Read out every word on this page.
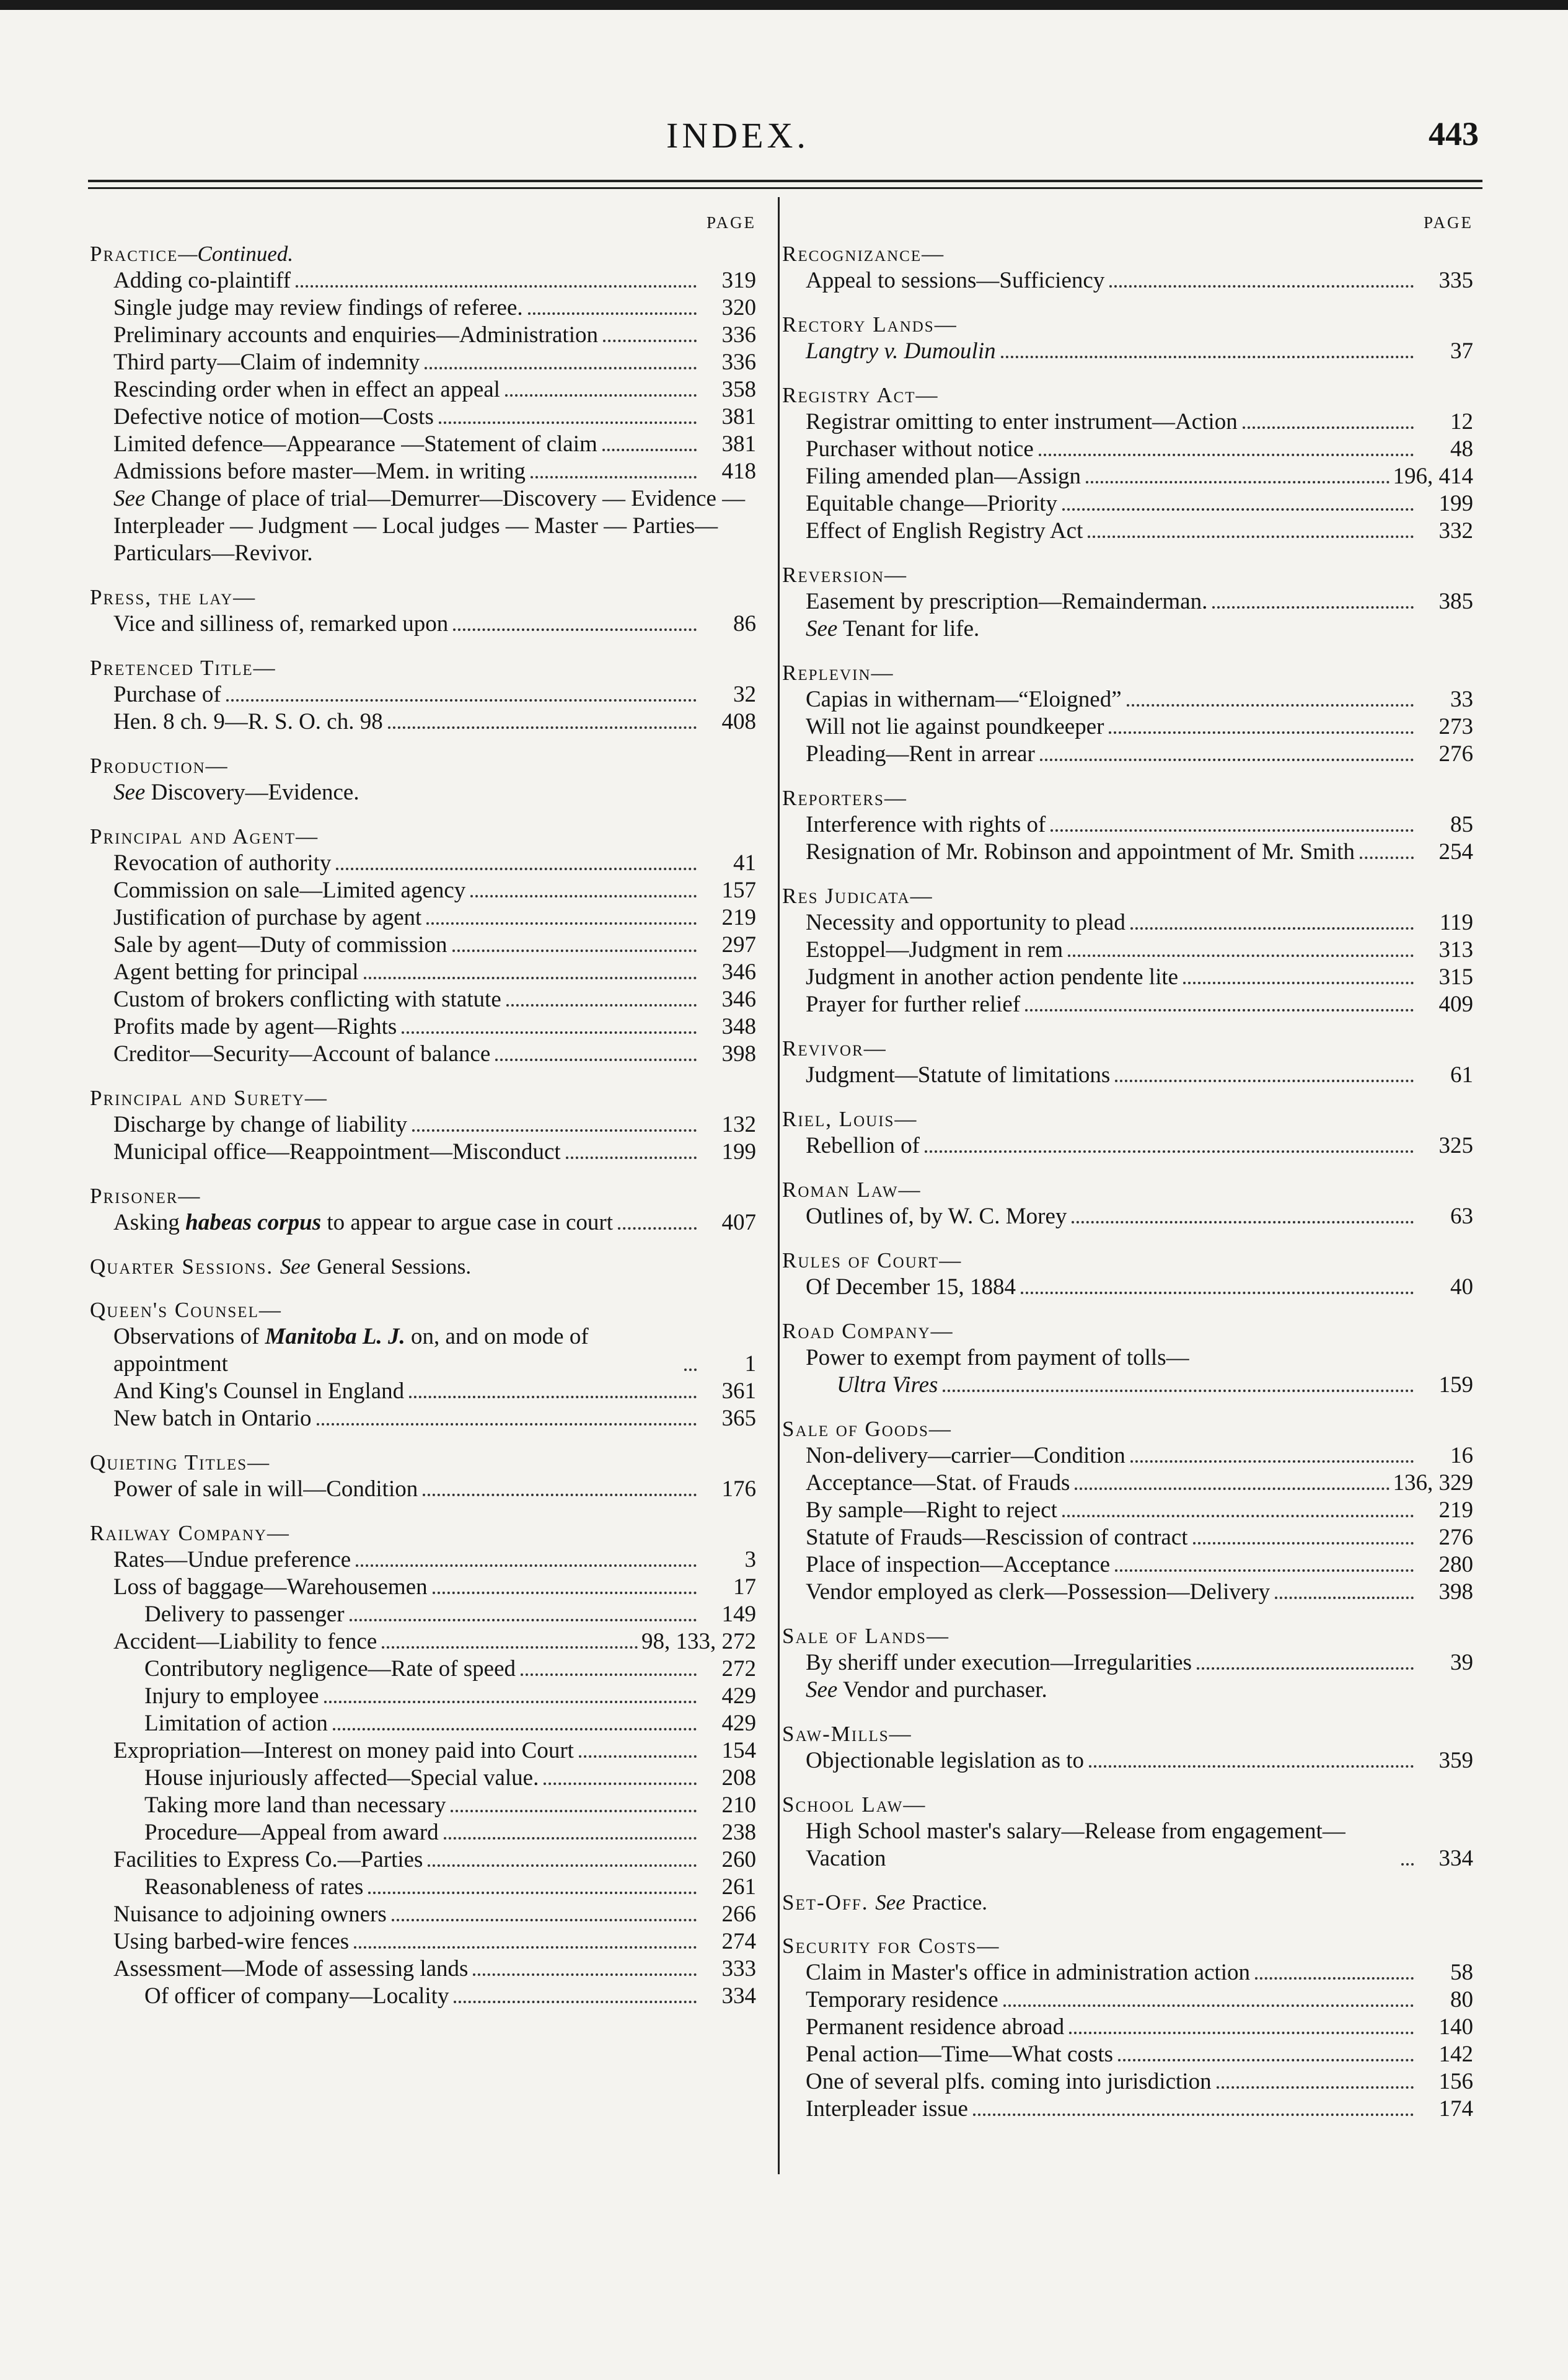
INDEX.	443
PAGE
Practice—Continued.
Adding co-plaintiff	319
Single judge may review findings of referee.	320
Preliminary accounts and enquiries—Administration	336
Third party—Claim of indemnity	336
Rescinding order when in effect an appeal	358
Defective notice of motion—Costs	381
Limited defence—Appearance —Statement of claim	381
Admissions before master—Mem. in writing	418
See Change of place of trial—Demurrer—Discovery — Evidence — Interpleader — Judgment — Local judges — Master — Parties—Particulars—Revivor.
Press, the lay—
Vice and silliness of, remarked upon	86
Pretenced Title—
Purchase of	32
Hen. 8 ch. 9—R. S. O. ch. 98	408
Production—
See Discovery—Evidence.
Principal and Agent—
Revocation of authority	41
Commission on sale—Limited agency	157
Justification of purchase by agent	219
Sale by agent—Duty of commission	297
Agent betting for principal	346
Custom of brokers conflicting with statute	346
Profits made by agent—Rights	348
Creditor—Security—Account of balance	398
Principal and Surety—
Discharge by change of liability	132
Municipal office—Reappointment—Misconduct	199
Prisoner—
Asking habeas corpus to appear to argue case in court	407
Quarter Sessions. See General Sessions.
Queen's Counsel—
Observations of Manitoba L. J. on, and on mode of appointment	1
And King's Counsel in England	361
New batch in Ontario	365
Quieting Titles—
Power of sale in will—Condition	176
Railway Company—
Rates—Undue preference	3
Loss of baggage—Warehousemen	17
Delivery to passenger	149
Accident—Liability to fence	98, 133, 272
Contributory negligence—Rate of speed	272
Injury to employee	429
Limitation of action	429
Expropriation—Interest on money paid into Court	154
House injuriously affected—Special value.	208
Taking more land than necessary	210
Procedure—Appeal from award	238
Facilities to Express Co.—Parties	260
Reasonableness of rates	261
Nuisance to adjoining owners	266
Using barbed-wire fences	274
Assessment—Mode of assessing lands	333
Of officer of company—Locality	334
PAGE
Recognizance—
Appeal to sessions—Sufficiency	335
Rectory Lands—
Langtry v. Dumoulin	37
Registry Act—
Registrar omitting to enter instrument—Action	12
Purchaser without notice	48
Filing amended plan—Assign	196, 414
Equitable change—Priority	199
Effect of English Registry Act	332
Reversion—
Easement by prescription—Remainderman.	385
See Tenant for life.
Replevin—
Capias in withernam—“Eloigned”	33
Will not lie against poundkeeper	273
Pleading—Rent in arrear	276
Reporters—
Interference with rights of	85
Resignation of Mr. Robinson and appointment of Mr. Smith	254
Res Judicata—
Necessity and opportunity to plead	119
Estoppel—Judgment in rem	313
Judgment in another action pendente lite	315
Prayer for further relief	409
Revivor—
Judgment—Statute of limitations	61
Riel, Louis—
Rebellion of	325
Roman Law—
Outlines of, by W. C. Morey	63
Rules of Court—
Of December 15, 1884	40
Road Company—
Power to exempt from payment of tolls—
Ultra Vires	159
Sale of Goods—
Non-delivery—carrier—Condition	16
Acceptance—Stat. of Frauds	136, 329
By sample—Right to reject	219
Statute of Frauds—Rescission of contract	276
Place of inspection—Acceptance	280
Vendor employed as clerk—Possession—Delivery	398
Sale of Lands—
By sheriff under execution—Irregularities	39
See Vendor and purchaser.
Saw-Mills—
Objectionable legislation as to	359
School Law—
High School master's salary—Release from engagement—Vacation	334
Set-Off. See Practice.
Security for Costs—
Claim in Master's office in administration action	58
Temporary residence	80
Permanent residence abroad	140
Penal action—Time—What costs	142
One of several plfs. coming into jurisdiction	156
Interpleader issue	174
